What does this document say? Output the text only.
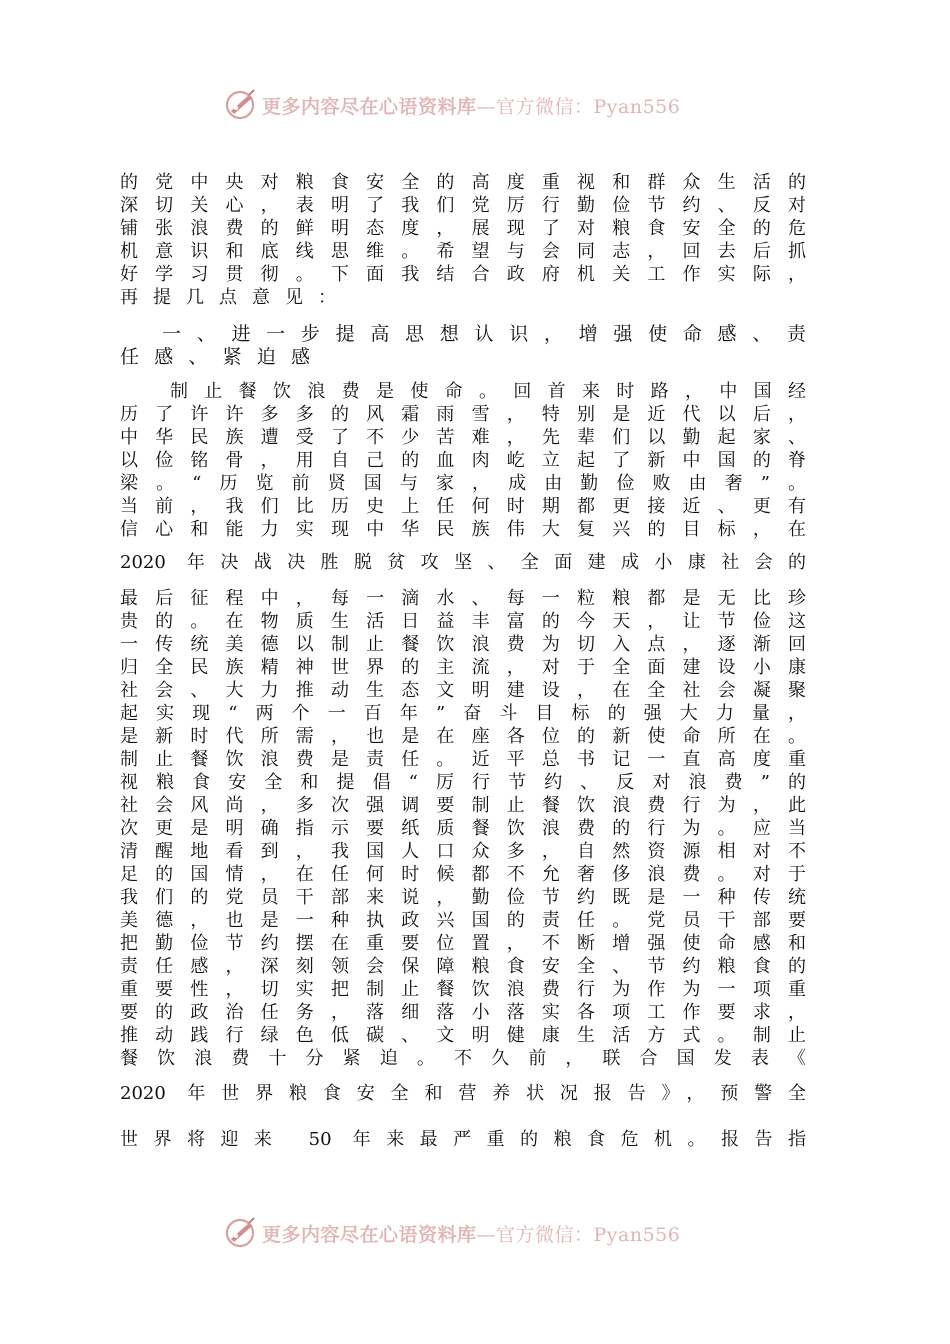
更多内容尽在心语资料库—官方微信：Pyan556
的党中央对粮食安全的高度重视和群众生活的
深切关心，表明了我们党厉行勤俭节约、反对
铺张浪费的鲜明态度，展现了对粮食安全的危
机意识和底线思维。希望与会同志，回去后抓
好学习贯彻。下面我结合政府机关工作实际，
再提几点意见：
一、进一步提高思想认识，增强使命感、责
任感、紧迫感
制止餐饮浪费是使命。回首来时路，中国经
历了许许多多的风霜雨雪，特别是近代以后，
中华民族遭受了不少苦难，先辈们以勤起家、
以俭铭骨，用自己的血肉屹立起了新中国的脊
梁。“历览前贤国与家，成由勤俭败由奢”。
当前，我们比历史上任何时期都更接近、更有
信心和能力实现中华民族伟大复兴的目标，在
2020 年决战决胜脱贫攻坚、全面建成小康社会的
最后征程中，每一滴水、每一粒粮都是无比珍
贵的。在物质生活日益丰富的今天，让节俭这
一传统美德以制止餐饮浪费为切入点，逐渐回
归全民族精神世界的主流，对于全面建设小康
社会、大力推动生态文明建设，在全社会凝聚
起实现“两个一百年”奋斗目标的强大力量，
是新时代所需，也是在座各位的新使命所在。
制止餐饮浪费是责任。近平总书记一直高度重
视粮食安全和提倡“厉行节约、反对浪费”的
社会风尚，多次强调要制止餐饮浪费行为，此
次更是明确指示要纸质餐饮浪费的行为。应当
清醒地看到，我国人口众多，自然资源相对不
足的国情，在任何时候都不允奢侈浪费。对于
我们的党员干部来说，勤俭节约既是一种传统
美德，也是一种执政兴国的责任。党员干部要
把勤俭节约摆在重要位置，不断增强使命感和
责任感，深刻领会保障粮食安全、节约粮食的
重要性，切实把制止餐饮浪费行为作为一项重
要的政治任务，落细落小落实各项工作要求，
推动践行绿色低碳、文明健康生活方式。制止
餐饮浪费十分紧迫。不久前，联合国发表《
2020 年世界粮食安全和营养状况报告》，预警全
世界将迎来 50 年来最严重的粮食危机。报告指
更多内容尽在心语资料库—官方微信：Pyan556
